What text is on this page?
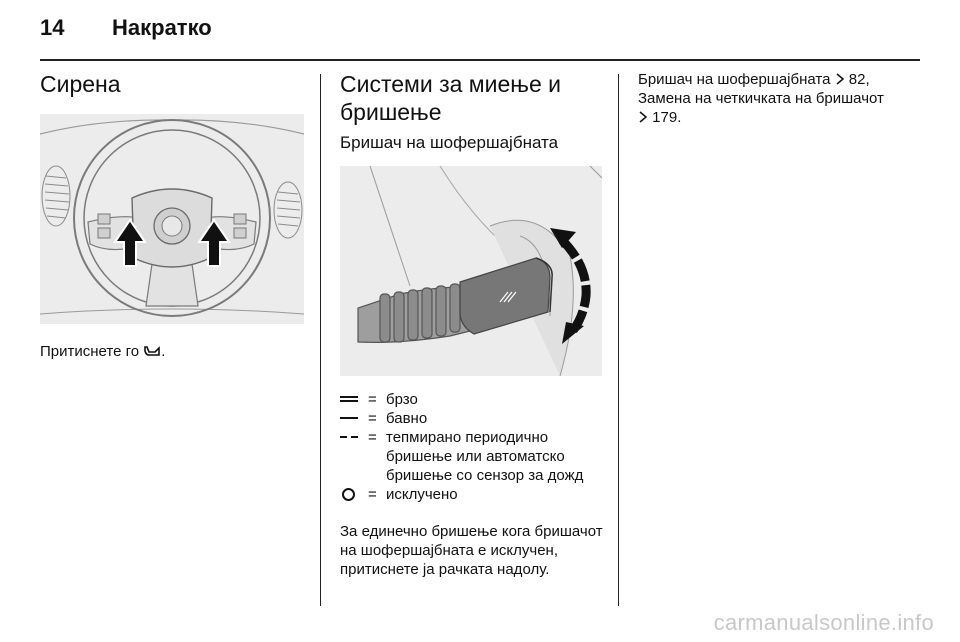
14 Накратко
Сирена

Притиснете го .

Системи за миење и бришење
Бришач на шофершајбната
= брзо
= бавно
= тепмирано периодично бришење или автоматско бришење со сензор за дожд
= исклучено

За единечно бришење кога бришачот на шофершајбната е исклучен, притиснете ја рачката надолу.

Бришач на шофершајбната 82,

Замена на четкичката на бришачот

179.

carmanualsonline.info
